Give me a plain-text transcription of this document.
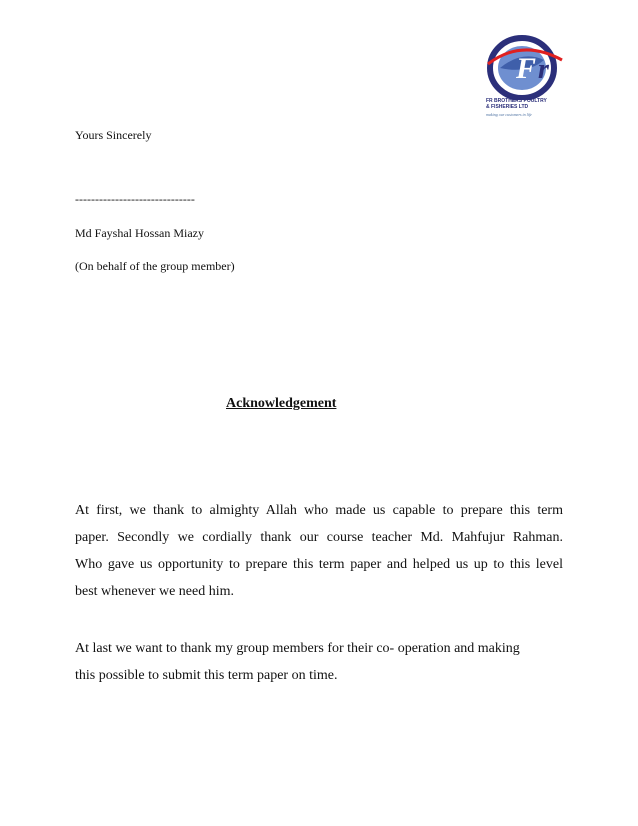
F r
FR BROTHERS POULTRY
& FISHERIES LTD
making our customers in life
Yours Sincerely
------------------------------
Md Fayshal Hossan Miazy
(On behalf of the group member)
Acknowledgement
At first, we thank to almighty Allah who made us capable to prepare this term
paper. Secondly we cordially thank our course teacher Md. Mahfujur Rahman.
Who gave us opportunity to prepare this term paper and helped us up to this level
best whenever we need him.
At last we want to thank my group members for their co- operation and making
this possible to submit this term paper on time.
